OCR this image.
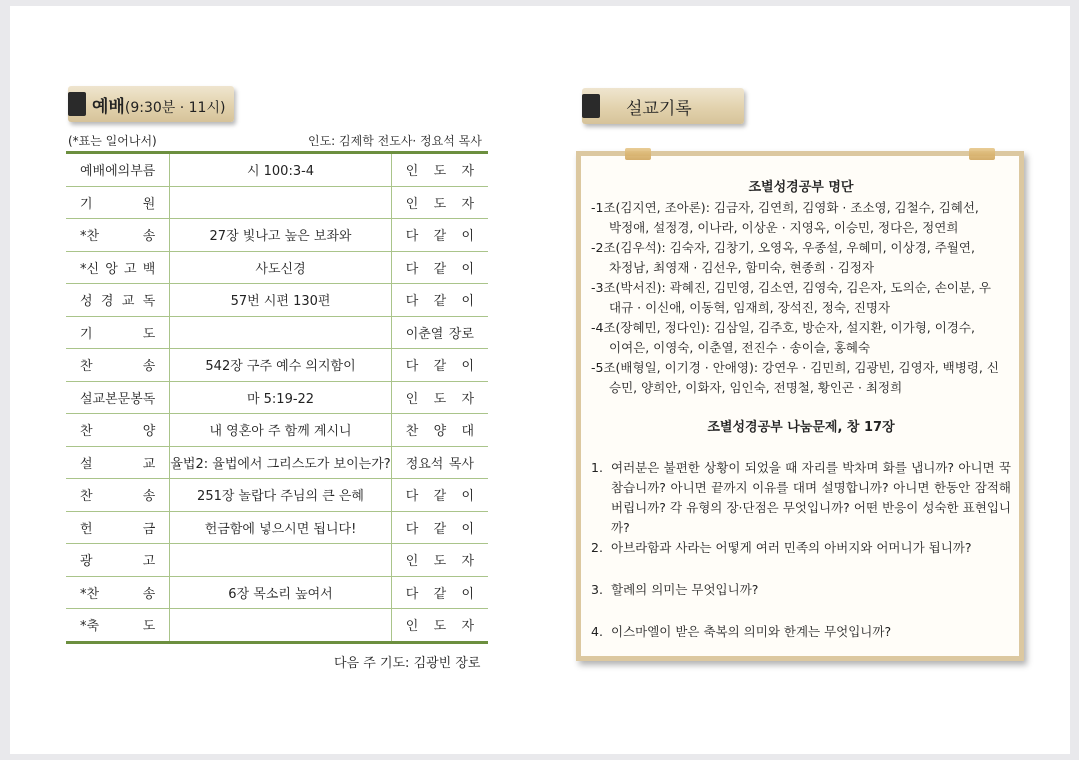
예배(9:30분 · 11시)
(*표는 일어나서)	인도: 김제학 전도사· 정요석 목사
예배에의 부름	시 100:3-4	인 도 자

기 원		인 도 자

*찬 송	27장 빛나고 높은 보좌와	다 같 이

*신 앙 고 백	사도신경	다 같 이

성 경 교 독	57번 시편 130편	다 같 이

기 도		이춘열 장로

찬 송	542장 구주 예수 의지함이	다 같 이

설교본문 봉독	마 5:19-22	인 도 자

찬 양	내 영혼아 주 함께 계시니	찬 양 대

설 교	율법2: 율법에서 그리스도가 보이는가?	정요석 목사

찬 송	251장 놀랍다 주님의 큰 은혜	다 같 이

헌 금	헌금함에 넣으시면 됩니다!	다 같 이

광 고		인 도 자

*찬 송	6장 목소리 높여서	다 같 이

*축 도		인 도 자
다음 주 기도: 김광빈 장로
설교기록
조별성경공부 명단
-1조(김지연, 조아론): 김금자, 김연희, 김영화 · 조소영, 김철수, 김혜선,
박정애, 설정경, 이나라, 이상운 · 지영옥, 이승민, 정다은, 정연희
-2조(김우석): 김숙자, 김창기, 오영옥, 우종설, 우혜미, 이상경, 주월연,
차정남, 최영재 · 김선우, 함미숙, 현종희 · 김정자
-3조(박서진): 곽혜진, 김민영, 김소연, 김영숙, 김은자, 도의순, 손이분, 우
대규 · 이신애, 이동혁, 임재희, 장석진, 정숙, 진명자
-4조(장혜민, 정다인): 김삼일, 김주호, 방순자, 설지환, 이가형, 이경수,
이여은, 이영숙, 이춘열, 전진수 · 송이슬, 홍혜숙
-5조(배형일, 이기경 · 안애영): 강연우 · 김민희, 김광빈, 김영자, 백병령, 신
승민, 양희안, 이화자, 임인숙, 전명철, 황인곤 · 최정희
조별성경공부 나눔문제, 창 17장
1. 여러분은 불편한 상황이 되었을 때 자리를 박차며 화를 냅니까? 아니면 꾹 참습니까? 아니면 끝까지 이유를 대며 설명합니까? 아니면 한동안 잠적해 버립니까? 각 유형의 장·단점은 무엇입니까? 어떤 반응이 성숙한 표현입니까?
2. 아브라함과 사라는 어떻게 여러 민족의 아버지와 어머니가 됩니까?
3. 할례의 의미는 무엇입니까?
4. 이스마엘이 받은 축복의 의미와 한계는 무엇입니까?
